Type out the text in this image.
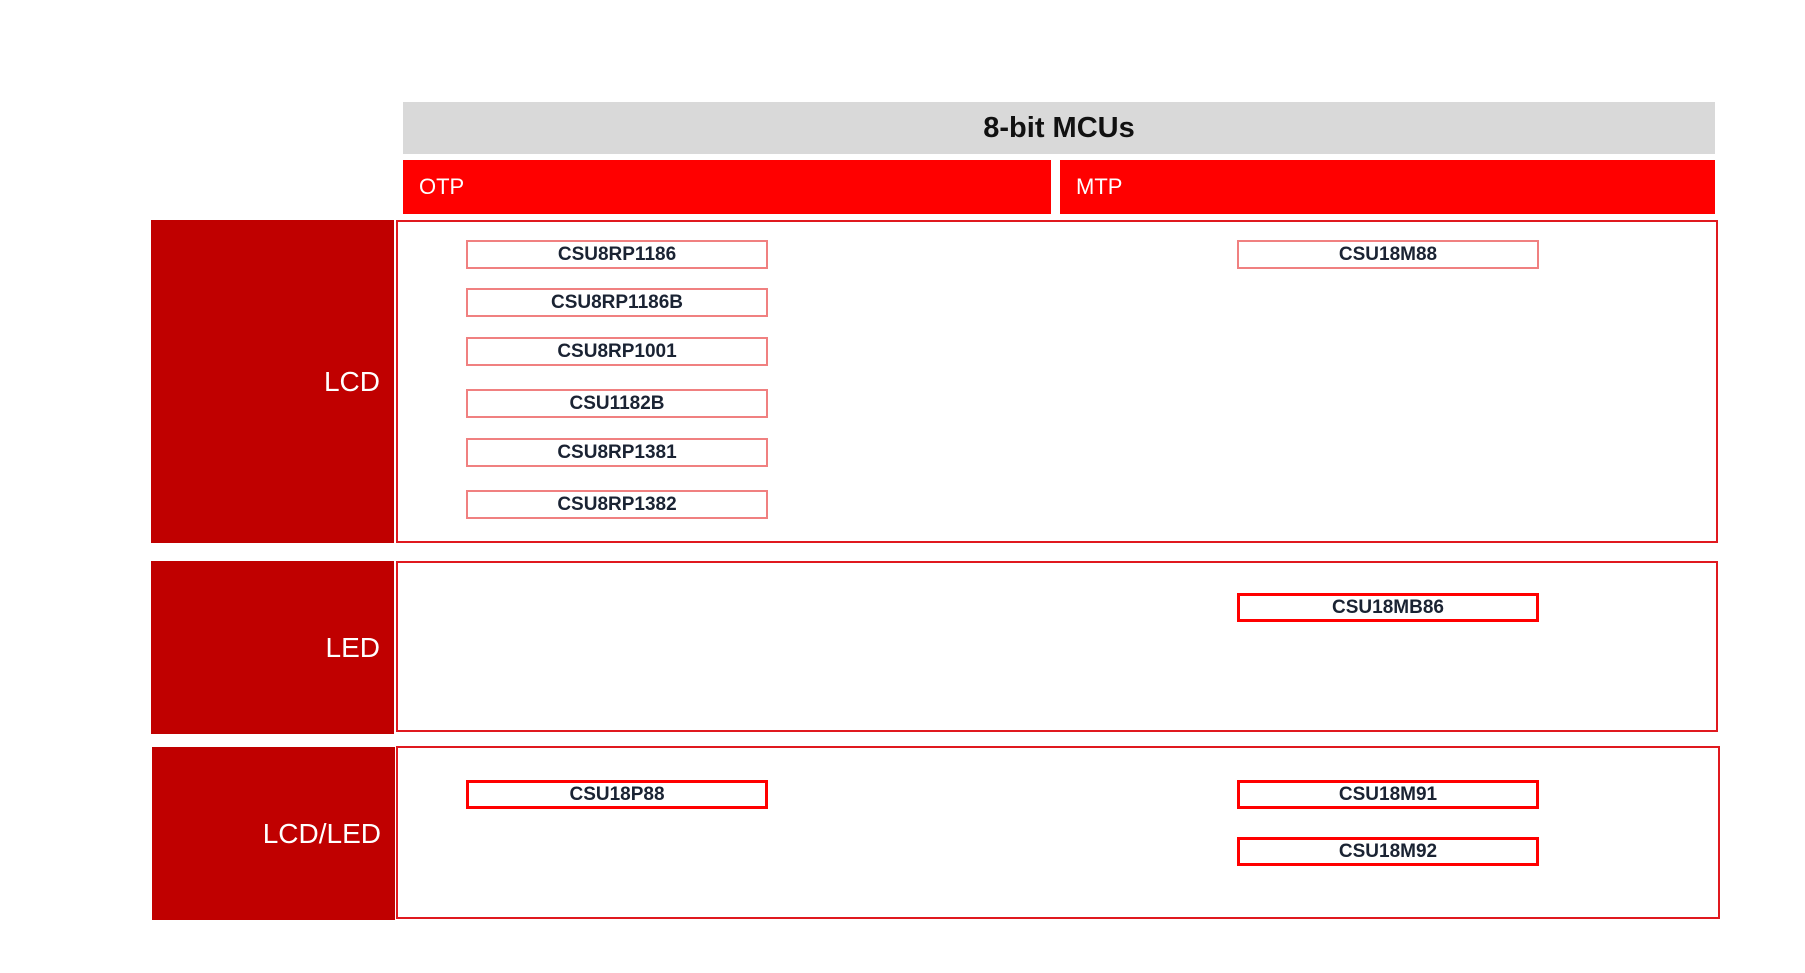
8-bit MCUs
OTP	MTP
LCD
CSU8RP1186
CSU8RP1186B
CSU8RP1001
CSU1182B
CSU8RP1381
CSU8RP1382
CSU18M88
LED
CSU18MB86
LCD/LED
CSU18P88	CSU18M91
CSU18M92
